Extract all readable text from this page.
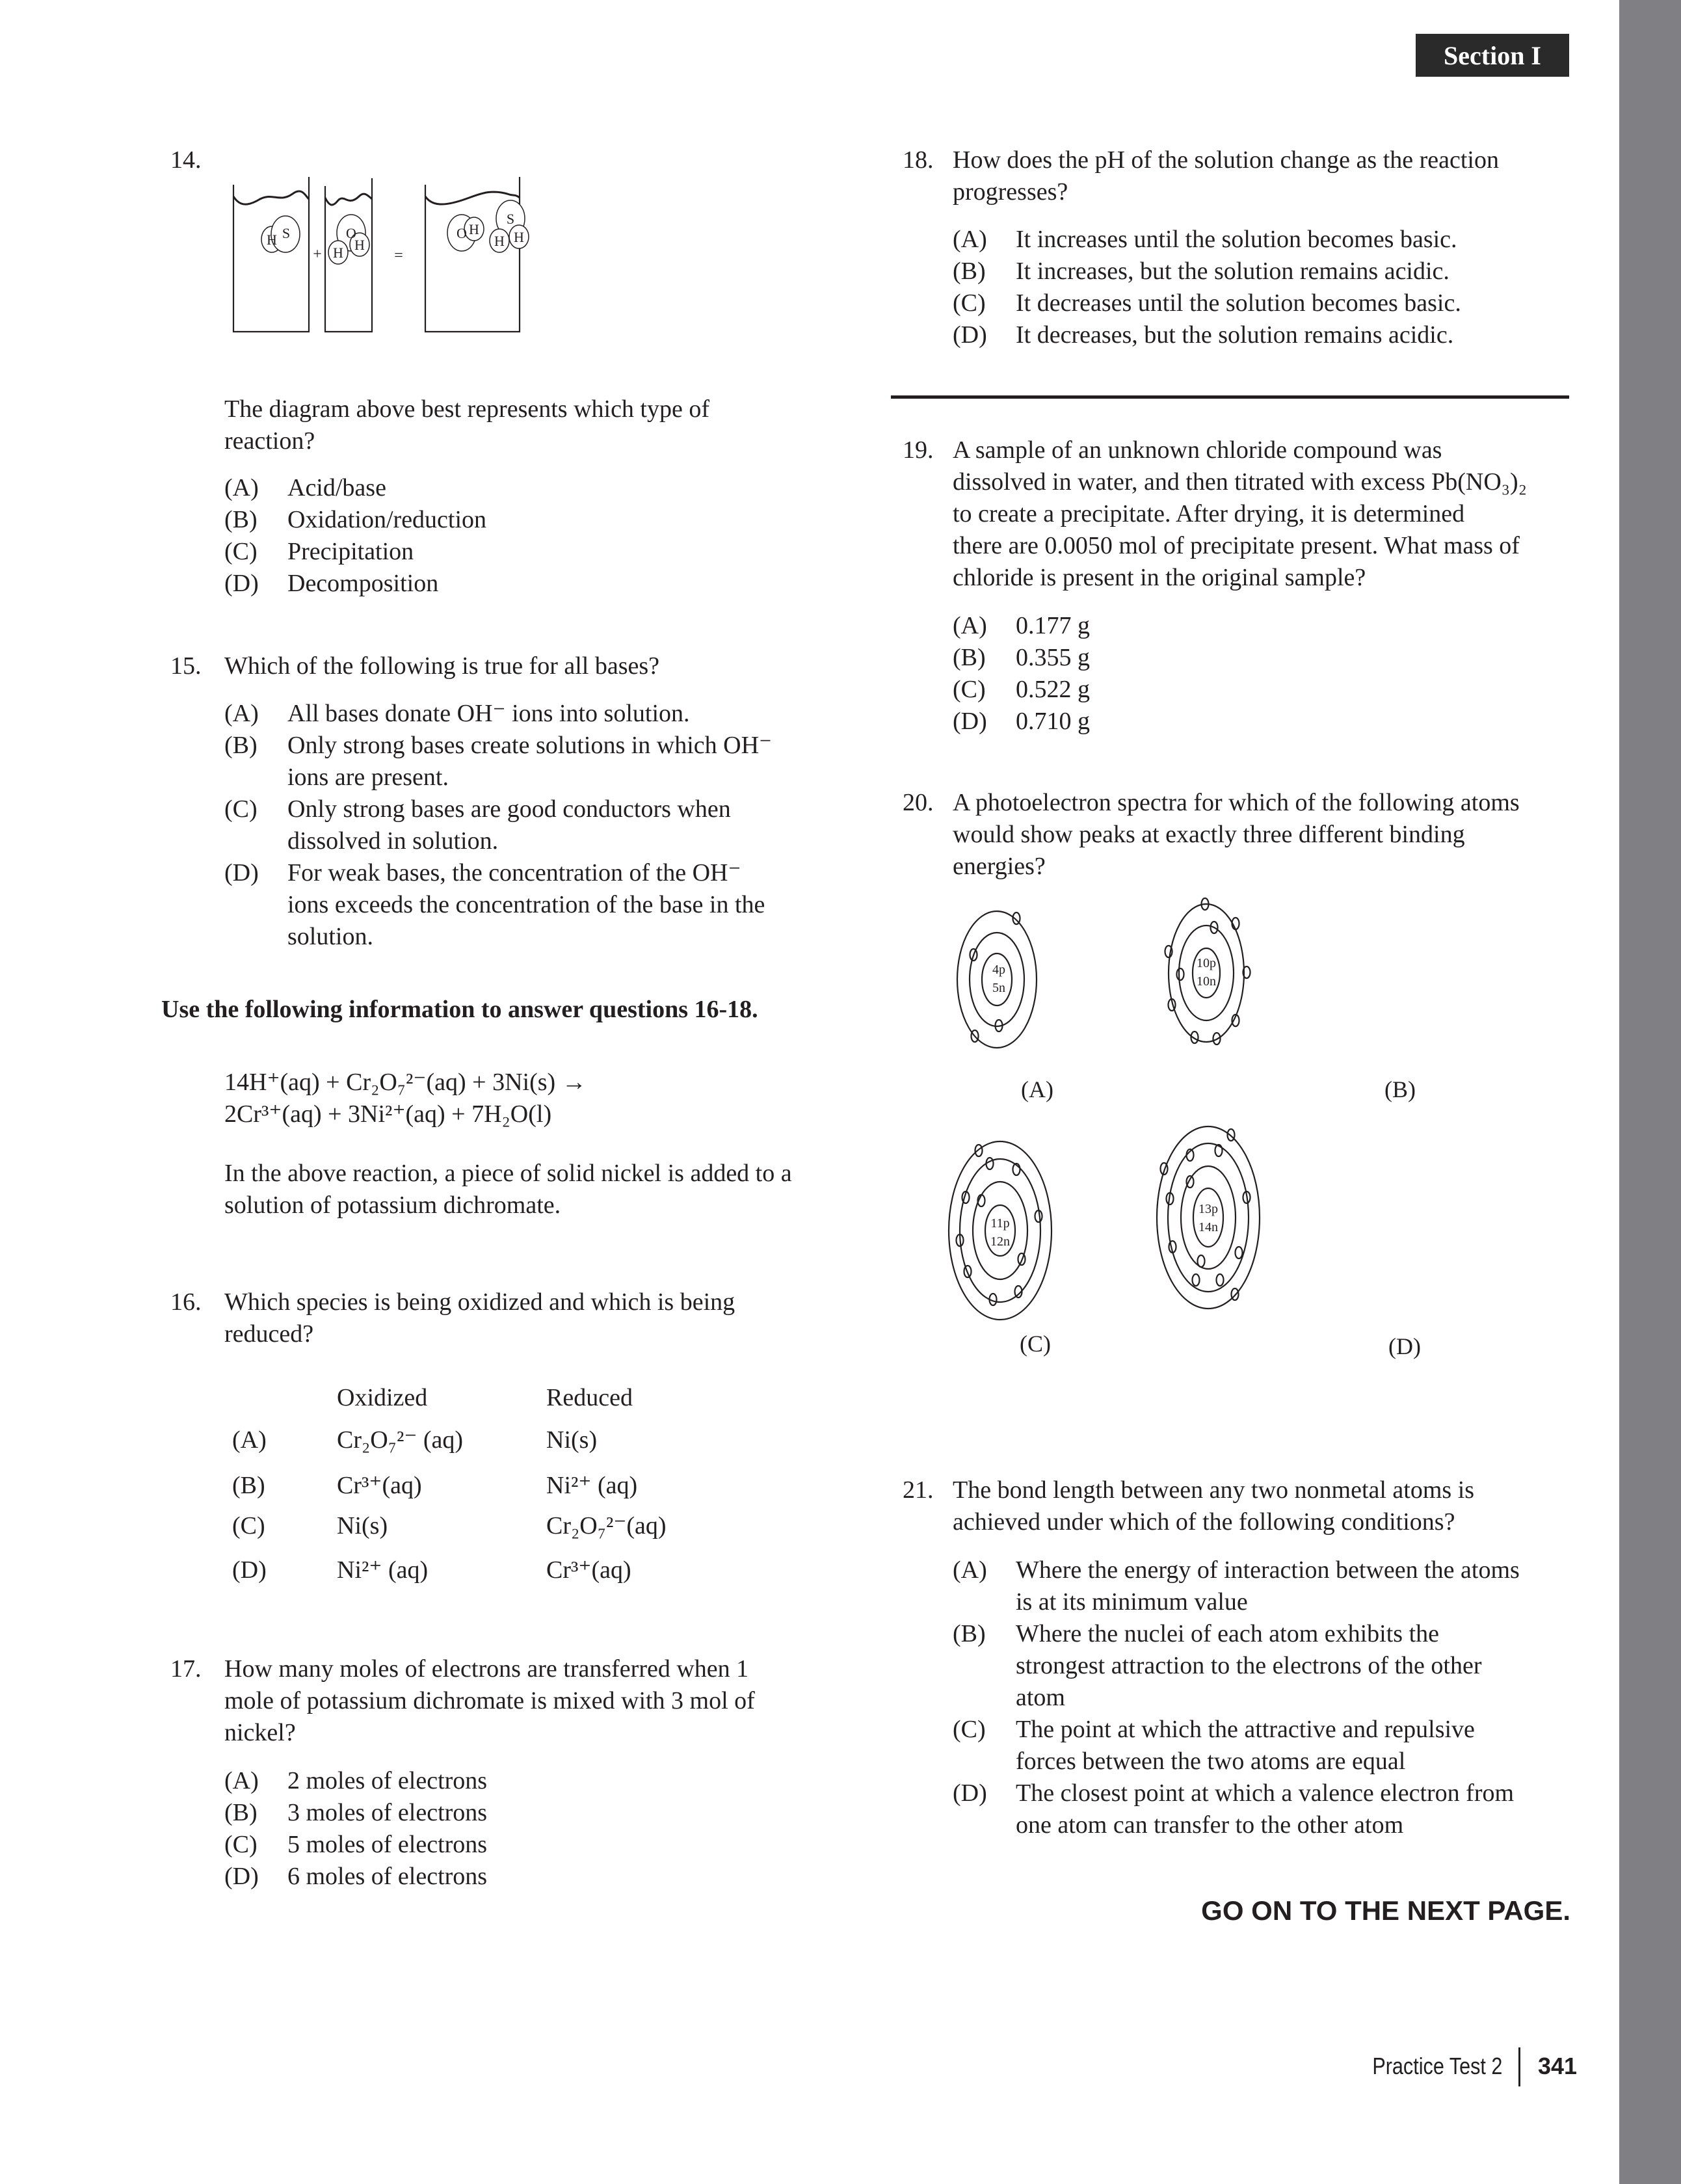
Section I
14.
H S	O
H H
O H
S
H H
+	=
The diagram above best represents which type of
reaction?
(A) Acid/base
(B) Oxidation/reduction
(C) Precipitation
(D) Decomposition
15. Which of the following is true for all bases?
(A) All bases donate OH⁻ ions into solution.
(B) Only strong bases create solutions in which OH⁻
ions are present.
(C) Only strong bases are good conductors when
dissolved in solution.
(D) For weak bases, the concentration of the OH⁻
ions exceeds the concentration of the base in the
solution.
Use the following information to answer questions 16-18.
14H⁺(aq) + Cr₂O₇²⁻(aq) + 3Ni(s) →
2Cr³⁺(aq) + 3Ni²⁺(aq) + 7H₂O(l)
In the above reaction, a piece of solid nickel is added to a
solution of potassium dichromate.
16. Which species is being oxidized and which is being
reduced?
Oxidized	Reduced
(A)	Cr₂O₇²⁻ (aq)	Ni(s)
(B)	Cr³⁺(aq)	Ni²⁺ (aq)
(C)	Ni(s)	Cr₂O₇²⁻(aq)
(D)	Ni²⁺ (aq)	Cr³⁺(aq)
17. How many moles of electrons are transferred when 1
mole of potassium dichromate is mixed with 3 mol of
nickel?
(A) 2 moles of electrons
(B) 3 moles of electrons
(C) 5 moles of electrons
(D) 6 moles of electrons
18. How does the pH of the solution change as the reaction
progresses?
(A) It increases until the solution becomes basic.
(B) It increases, but the solution remains acidic.
(C) It decreases until the solution becomes basic.
(D) It decreases, but the solution remains acidic.
19. A sample of an unknown chloride compound was
dissolved in water, and then titrated with excess Pb(NO₃)₂
to create a precipitate. After drying, it is determined
there are 0.0050 mol of precipitate present. What mass of
chloride is present in the original sample?
(A) 0.177 g
(B) 0.355 g
(C) 0.522 g
(D) 0.710 g
20. A photoelectron spectra for which of the following atoms
would show peaks at exactly three different binding
energies?
4p
5n
10p
10n
11p
12n
13p
14n
(A)	(B)
(C)	(D)
21. The bond length between any two nonmetal atoms is
achieved under which of the following conditions?
(A) Where the energy of interaction between the atoms
is at its minimum value
(B) Where the nuclei of each atom exhibits the
strongest attraction to the electrons of the other
atom
(C) The point at which the attractive and repulsive
forces between the two atoms are equal
(D) The closest point at which a valence electron from
one atom can transfer to the other atom
GO ON TO THE NEXT PAGE.
Practice Test 2 341
